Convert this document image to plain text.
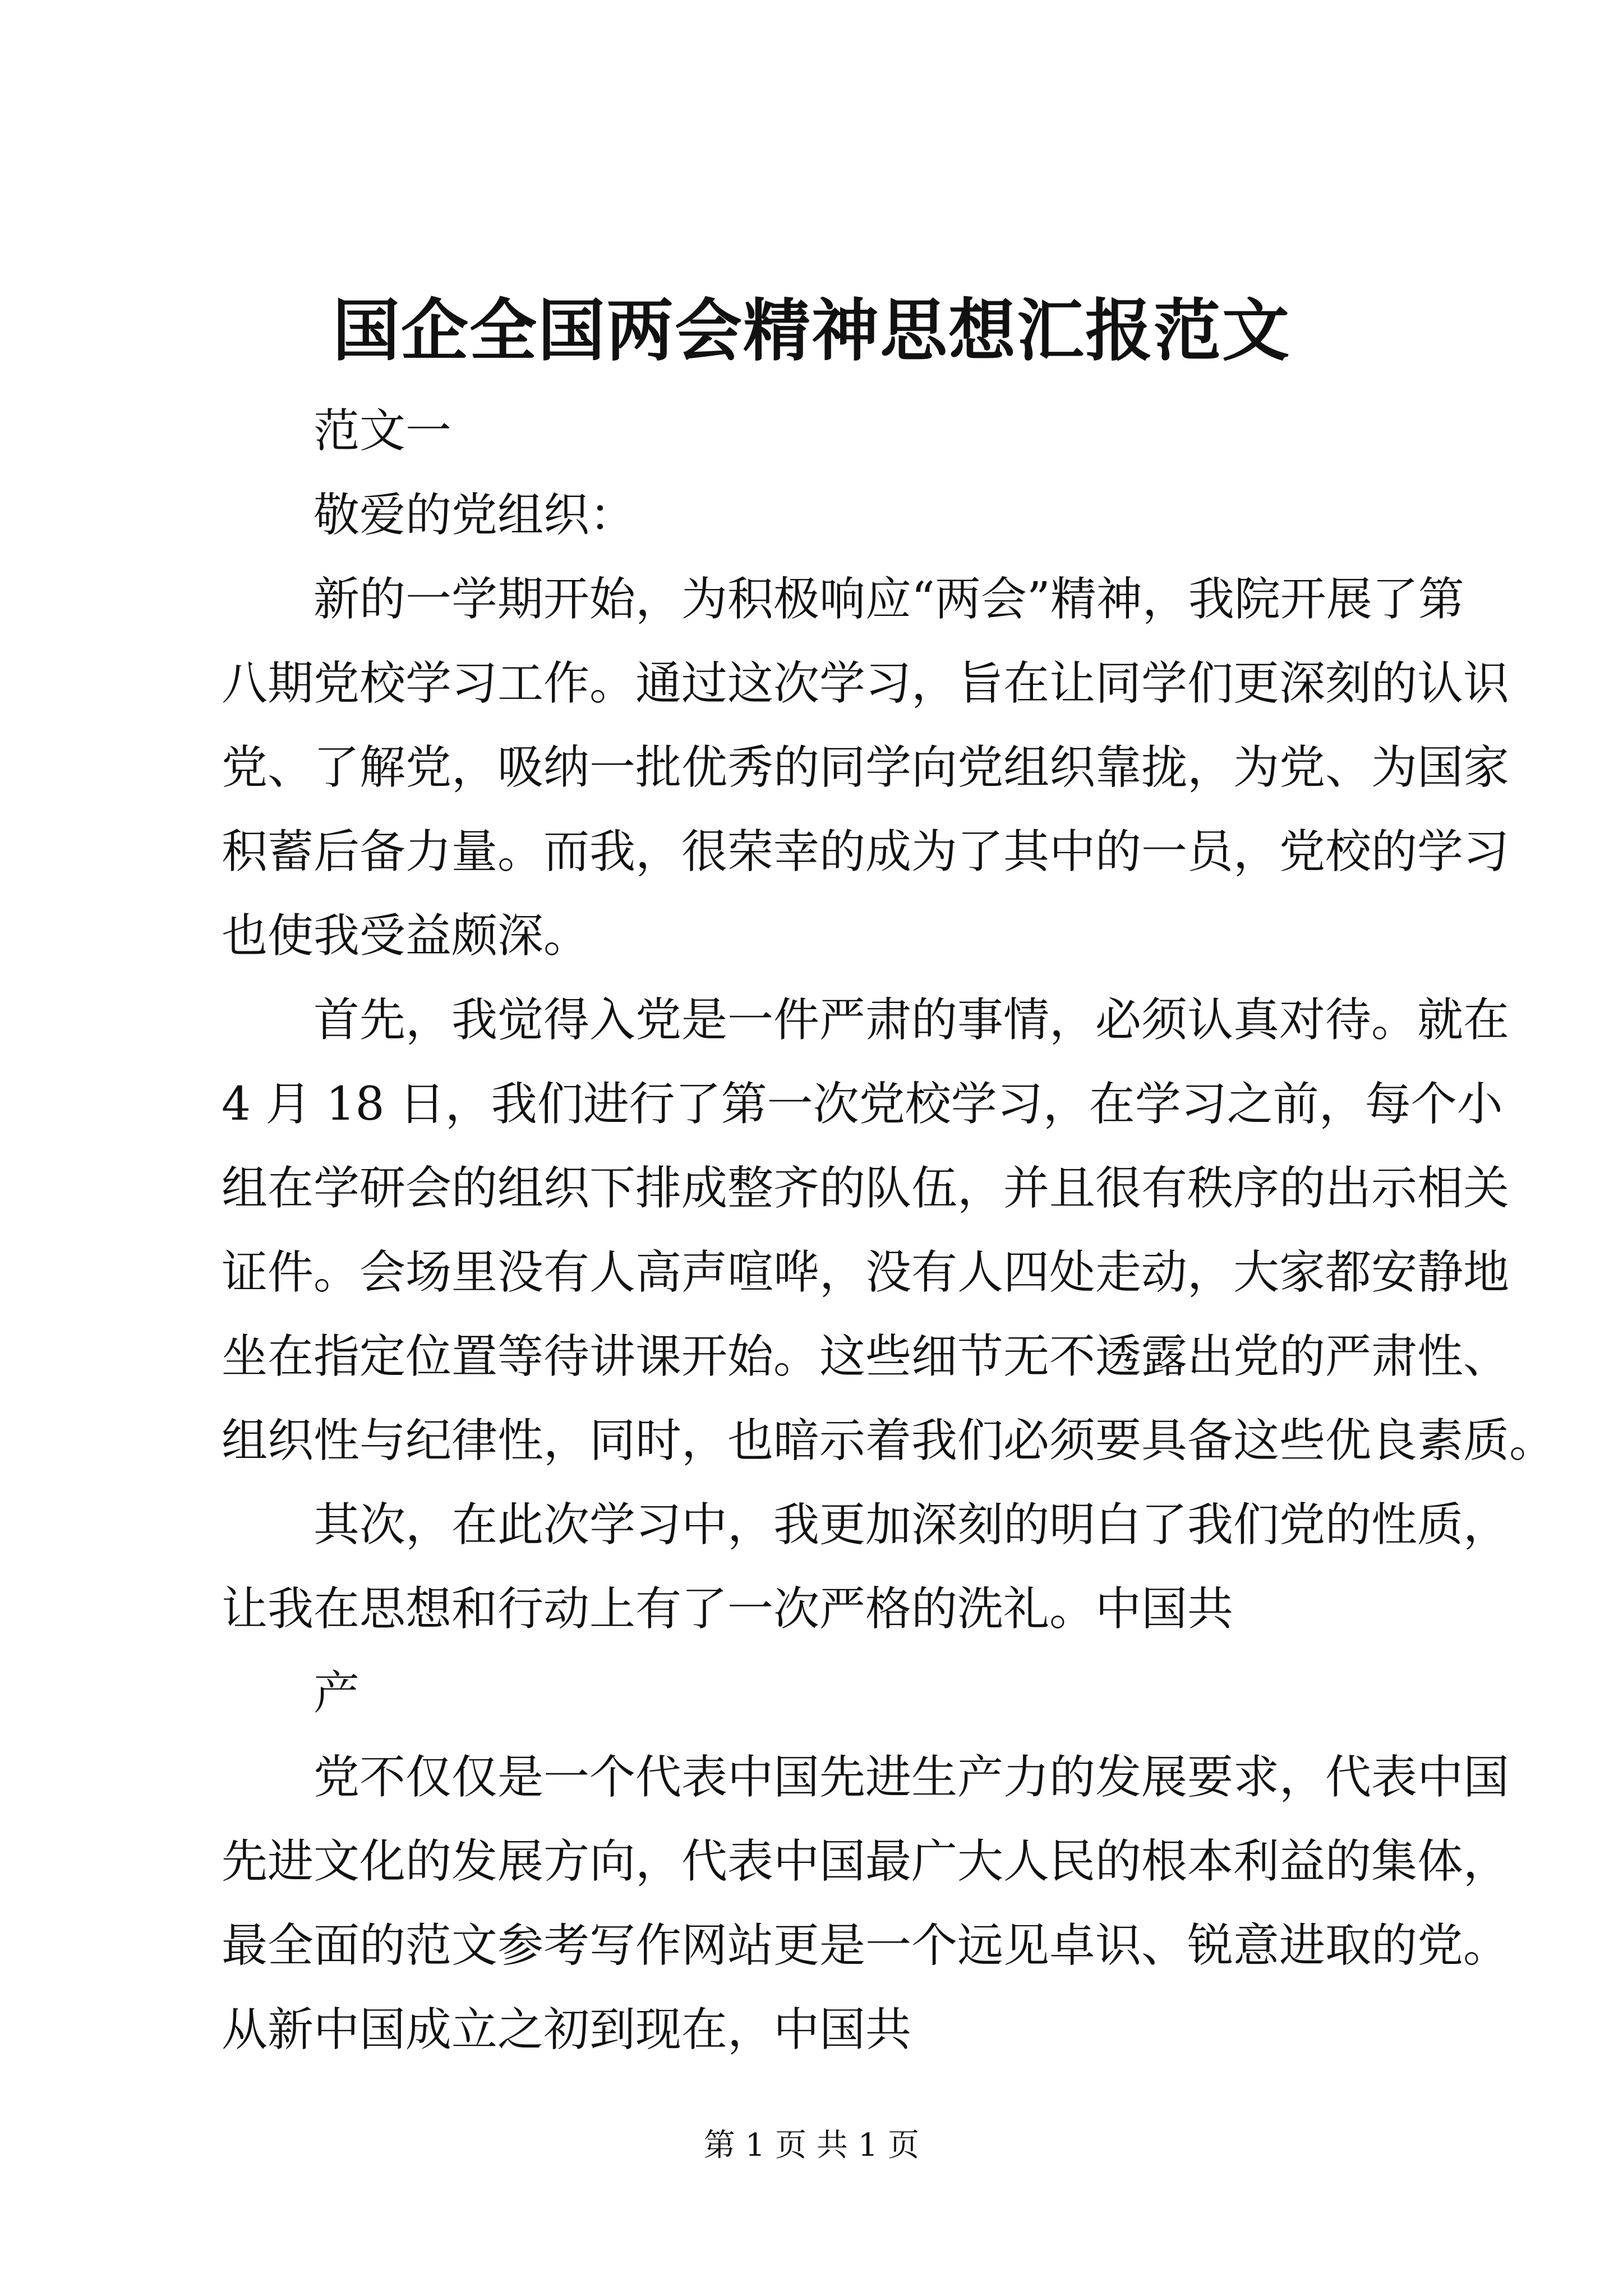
国企全国两会精神思想汇报范文
范文一
敬爱的党组织：
新的一学期开始，为积极响应“两会”精神，我院开展了第
八期党校学习工作。通过这次学习，旨在让同学们更深刻的认识
党、了解党，吸纳一批优秀的同学向党组织靠拢，为党、为国家
积蓄后备力量。而我，很荣幸的成为了其中的一员，党校的学习
也使我受益颇深。
首先，我觉得入党是一件严肃的事情，必须认真对待。就在
4 月 18 日，我们进行了第一次党校学习，在学习之前，每个小
组在学研会的组织下排成整齐的队伍，并且很有秩序的出示相关
证件。会场里没有人高声喧哗，没有人四处走动，大家都安静地
坐在指定位置等待讲课开始。这些细节无不透露出党的严肃性、
组织性与纪律性，同时，也暗示着我们必须要具备这些优良素质。
其次，在此次学习中，我更加深刻的明白了我们党的性质，
让我在思想和行动上有了一次严格的洗礼。中国共
产
党不仅仅是一个代表中国先进生产力的发展要求，代表中国
先进文化的发展方向，代表中国最广大人民的根本利益的集体，
最全面的范文参考写作网站更是一个远见卓识、锐意进取的党。
从新中国成立之初到现在，中国共
第 1 页 共 1 页
